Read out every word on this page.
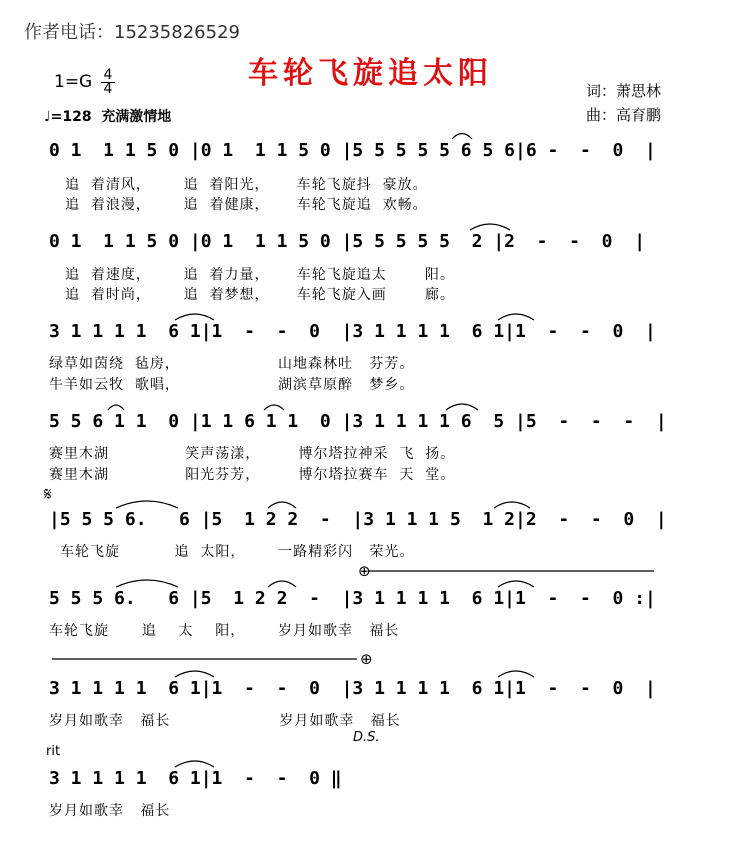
作者电话：15235826529
车轮飞旋追太阳
1=G 4
4
♩=128 充满激情地
词：萧思林
曲：高育鹏
0 1  1 1 5 0 |0 1  1 1 5 0 |5 5 5 5 5 6 5 6|6 -  -  0  |
追  着清风，      追  着阳光，     车轮飞旋抖  豪放。
追  着浪漫，      追  着健康，     车轮飞旋追  欢畅。
0 1  1 1 5 0 |0 1  1 1 5 0 |5 5 5 5 5  2 |2  -  -  0  |
追  着速度，      追  着力量，     车轮飞旋追太       阳。
追  着时尚，      追  着梦想，     车轮飞旋入画       廊。
3 1 1 1 1  6 1|1  -  -  0  |3 1 1 1 1  6 1|1  -  -  0  |
绿草如茵绕  毡房，                  山地森林吐   芬芳。
牛羊如云牧  歌唱，                  湖滨草原醉   梦乡。
5 5 6 1 1  0 |1 1 6 1 1  0 |3 1 1 1 1 6  5 |5  -  -  -  |
赛里木湖              笑声荡漾，       博尔塔拉神采  飞  扬。
赛里木湖              阳光芬芳，       博尔塔拉赛车  天  堂。
𝄋
|5 5 5 6.   6 |5  1 2 2  -  |3 1 1 1 5  1 2|2  -  -  0  |
车轮飞旋          追  太阳，      一路精彩闪   荣光。
⊕
5 5 5 6.   6 |5  1 2 2  -  |3 1 1 1 1  6 1|1  -  -  0 :|
车轮飞旋      追    太    阳，      岁月如歌幸   福长
⊕
3 1 1 1 1  6 1|1  -  -  0  |3 1 1 1 1  6 1|1  -  -  0  |
岁月如歌幸   福长                    岁月如歌幸   福长
D.S.
rit
3 1 1 1 1  6 1|1  -  -  0 ‖
岁月如歌幸   福长
